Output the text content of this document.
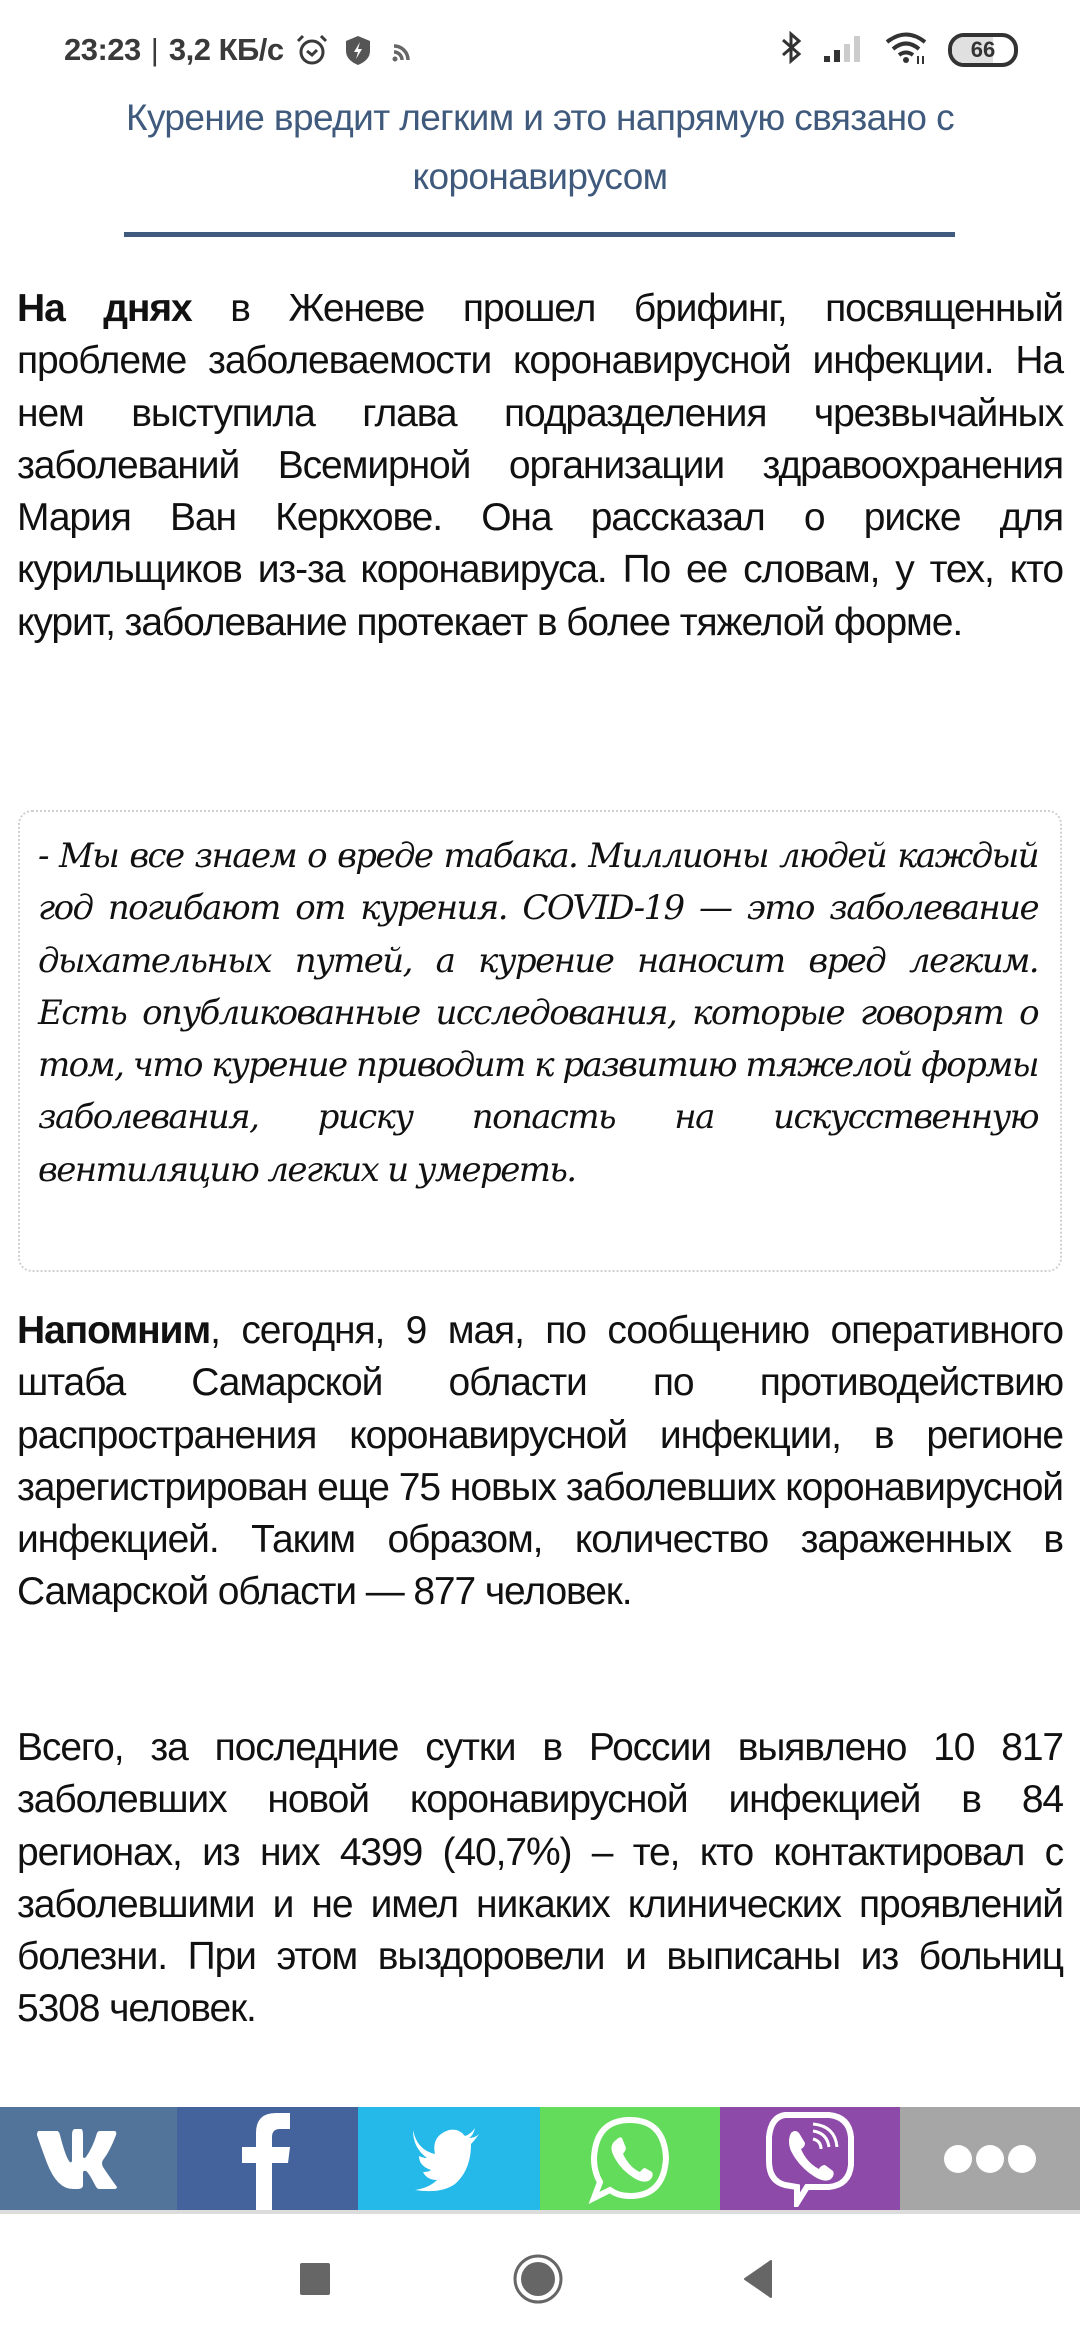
23:23 | 3,2 КБ/с	66
Курение вредит легким и это напрямую связано с коронавирусом
На днях в Женеве прошел брифинг, посвященный проблеме заболеваемости коронавирусной инфекции. На нем выступила глава подразделения чрезвычайных заболеваний Всемирной организации здравоохранения Мария Ван Керкхове. Она рассказал о риске для курильщиков из-за коронавируса. По ее словам, у тех, кто курит, заболевание протекает в более тяжелой форме.
- Мы все знаем о вреде табака. Миллионы людей каждый год погибают от курения. COVID-19 — это заболевание дыхательных путей, а курение наносит вред легким. Есть опубликованные исследования, которые говорят о том, что курение приводит к развитию тяжелой формы заболевания, риску попасть на искусственную вентиляцию легких и умереть.
Напомним, сегодня, 9 мая, по сообщению оперативного штаба Самарской области по противодействию распространения коронавирусной инфекции, в регионе зарегистрирован еще 75 новых заболевших коронавирусной инфекцией. Таким образом, количество зараженных в Самарской области — 877 человек.
Всего, за последние сутки в России выявлено 10 817 заболевших новой коронавирусной инфекцией в 84 регионах, из них 4399 (40,7%) – те, кто контактировал с заболевшими и не имел никаких клинических проявлений болезни. При этом выздоровели и выписаны из больниц 5308 человек.
